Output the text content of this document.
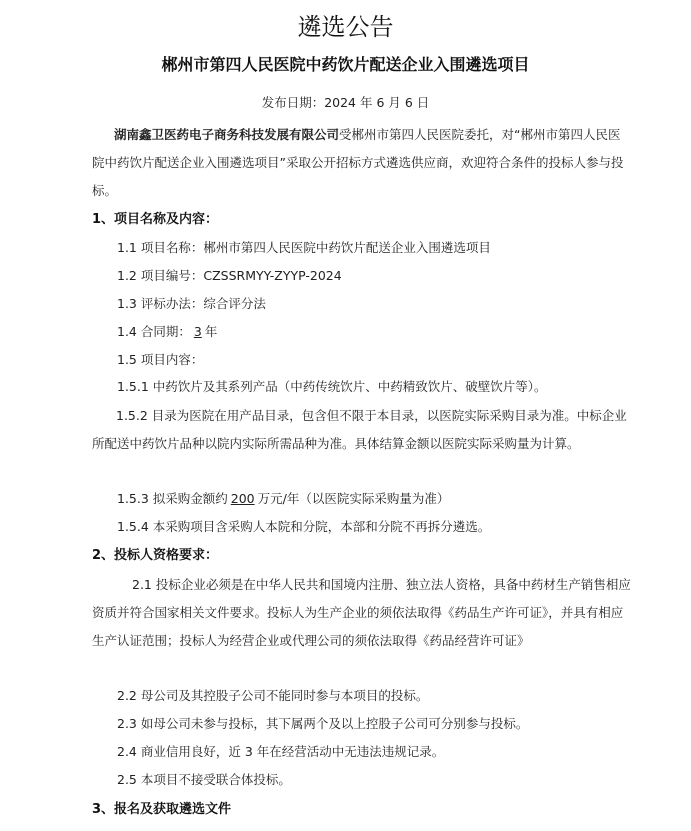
遴选公告
郴州市第四人民医院中药饮片配送企业入围遴选项目
发布日期：2024 年 6 月 6 日
湖南鑫卫医药电子商务科技发展有限公司受郴州市第四人民医院委托，对“郴州市第四人民医院中药饮片配送企业入围遴选项目”采取公开招标方式遴选供应商，欢迎符合条件的投标人参与投标。
1、项目名称及内容：
1.1 项目名称：郴州市第四人民医院中药饮片配送企业入围遴选项目
1.2 项目编号：CZSSRMYY-ZYYP-2024
1.3 评标办法：综合评分法
1.4 合同期： 3 年
1.5 项目内容：
1.5.1 中药饮片及其系列产品（中药传统饮片、中药精致饮片、破壁饮片等）。
1.5.2 目录为医院在用产品目录，包含但不限于本目录，以医院实际采购目录为准。中标企业所配送中药饮片品种以院内实际所需品种为准。具体结算金额以医院实际采购量为计算。
1.5.3 拟采购金额约 200 万元/年（以医院实际采购量为准）
1.5.4 本采购项目含采购人本院和分院，本部和分院不再拆分遴选。
2、投标人资格要求：
2.1 投标企业必须是在中华人民共和国境内注册、独立法人资格，具备中药材生产销售相应资质并符合国家相关文件要求。投标人为生产企业的须依法取得《药品生产许可证》，并具有相应生产认证范围；投标人为经营企业或代理公司的须依法取得《药品经营许可证》
2.2 母公司及其控股子公司不能同时参与本项目的投标。
2.3 如母公司未参与投标，其下属两个及以上控股子公司可分别参与投标。
2.4 商业信用良好，近 3 年在经营活动中无违法违规记录。
2.5 本项目不接受联合体投标。
3、报名及获取遴选文件
